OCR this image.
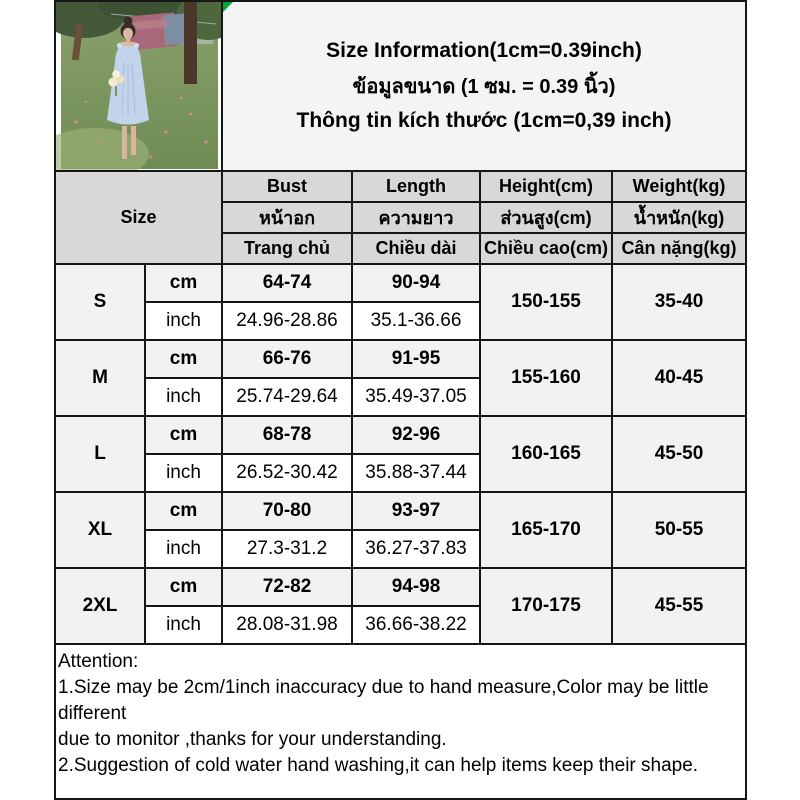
Size Information(1cm=0.39inch)
ข้อมูลขนาด (1 ซม. = 0.39 นิ้ว)
Thông tin kích thước (1cm=0,39 inch)			

Size		Bust	Length	Height(cm)	Weight(kg)
		หน้าอก	ความยาว	ส่วนสูง(cm)	น้ำหนัก(kg)
		Trang chủ	Chiều dài	Chiều cao(cm)	Cân nặng(kg)
S	cm	64-74	90-94	150-155	35-40
	inch	24.96-28.86	35.1-36.66		
M	cm	66-76	91-95	155-160	40-45
	inch	25.74-29.64	35.49-37.05		
L	cm	68-78	92-96	160-165	45-50
	inch	26.52-30.42	35.88-37.44		
XL	cm	70-80	93-97	165-170	50-55
	inch	27.3-31.2	36.27-37.83		
2XL	cm	72-82	94-98	170-175	45-55
	inch	28.08-31.98	36.66-38.22		

Attention:
1.Size may be 2cm/1inch inaccuracy due to hand measure,Color may be little different
due to monitor ,thanks for your understanding.
2.Suggestion of cold water hand washing,it can help items keep their shape.					
